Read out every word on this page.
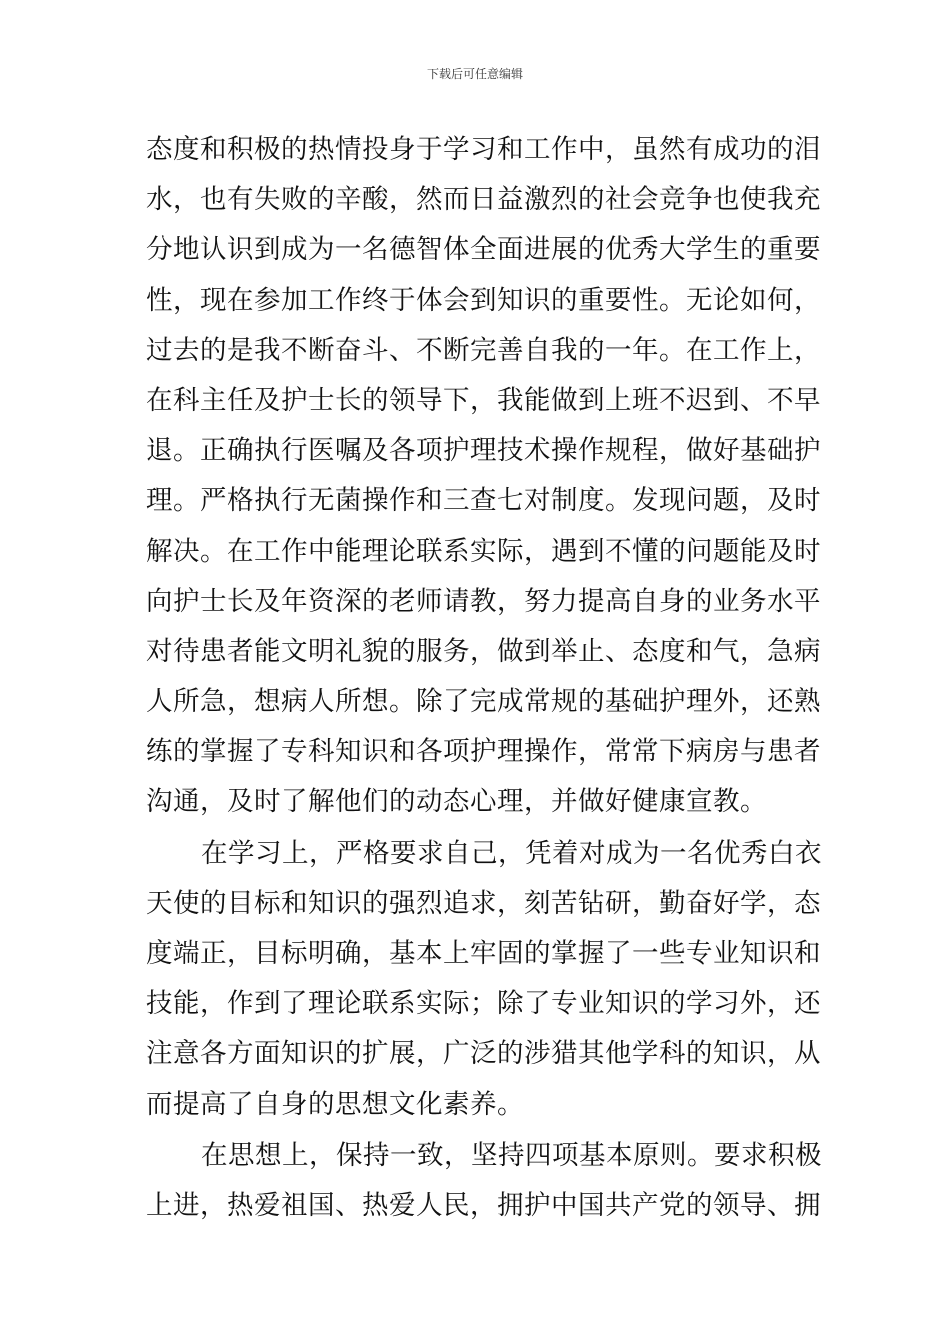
下载后可任意编辑
态度和积极的热情投身于学习和工作中，虽然有成功的泪
水，也有失败的辛酸，然而日益激烈的社会竞争也使我充
分地认识到成为一名德智体全面进展的优秀大学生的重要
性，现在参加工作终于体会到知识的重要性。无论如何，
过去的是我不断奋斗、不断完善自我的一年。在工作上，
在科主任及护士长的领导下，我能做到上班不迟到、不早
退。正确执行医嘱及各项护理技术操作规程，做好基础护
理。严格执行无菌操作和三查七对制度。发现问题，及时
解决。在工作中能理论联系实际，遇到不懂的问题能及时
向护士长及年资深的老师请教，努力提高自身的业务水平
对待患者能文明礼貌的服务，做到举止、态度和气，急病
人所急，想病人所想。除了完成常规的基础护理外，还熟
练的掌握了专科知识和各项护理操作，常常下病房与患者
沟通，及时了解他们的动态心理，并做好健康宣教。
在学习上，严格要求自己，凭着对成为一名优秀白衣
天使的目标和知识的强烈追求，刻苦钻研，勤奋好学，态
度端正，目标明确，基本上牢固的掌握了一些专业知识和
技能，作到了理论联系实际；除了专业知识的学习外，还
注意各方面知识的扩展，广泛的涉猎其他学科的知识，从
而提高了自身的思想文化素养。
在思想上，保持一致，坚持四项基本原则。要求积极
上进，热爱祖国、热爱人民，拥护中国共产党的领导、拥
